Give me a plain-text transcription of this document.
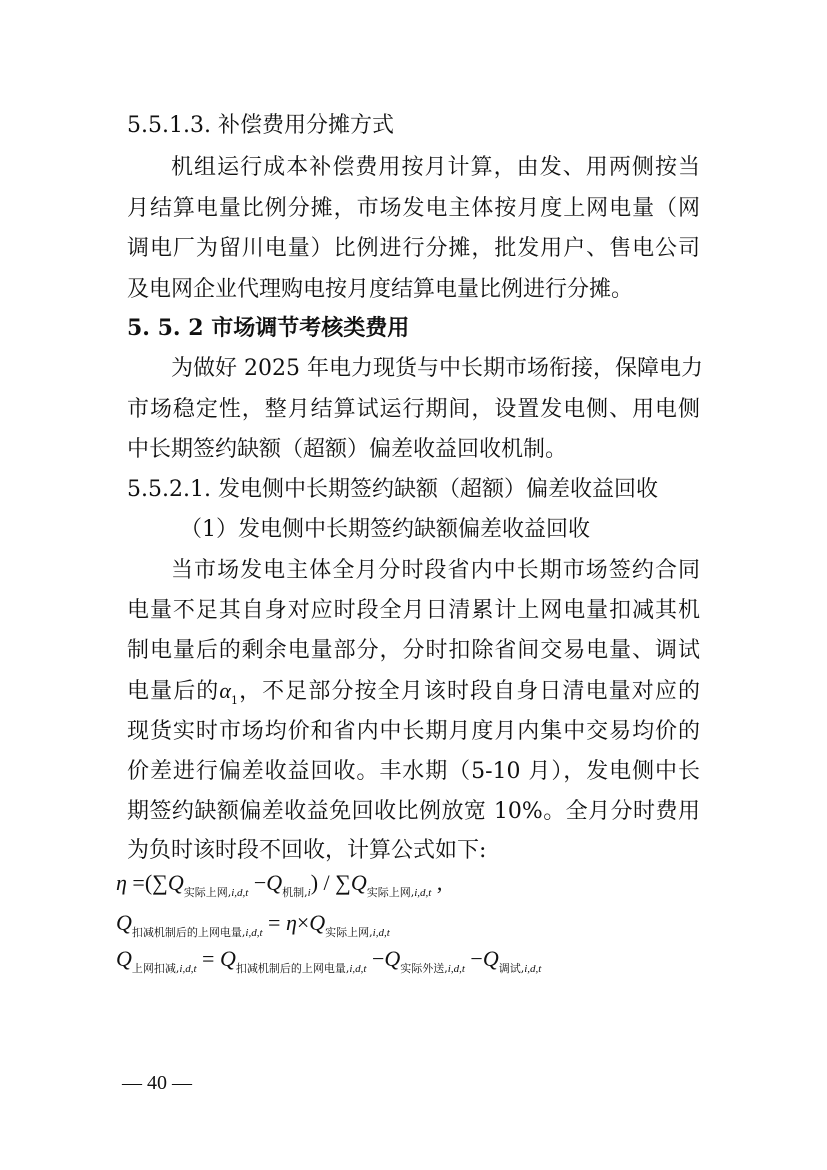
5.5.1.3. 补偿费用分摊方式
机组运行成本补偿费用按月计算，由发、用两侧按当
月结算电量比例分摊，市场发电主体按月度上网电量（网
调电厂为留川电量）比例进行分摊，批发用户、售电公司
及电网企业代理购电按月度结算电量比例进行分摊。
5. 5. 2 市场调节考核类费用
为做好 2025 年电力现货与中长期市场衔接，保障电力
市场稳定性，整月结算试运行期间，设置发电侧、用电侧
中长期签约缺额（超额）偏差收益回收机制。
5.5.2.1. 发电侧中长期签约缺额（超额）偏差收益回收
（1）发电侧中长期签约缺额偏差收益回收
当市场发电主体全月分时段省内中长期市场签约合同
电量不足其自身对应时段全月日清累计上网电量扣减其机
制电量后的剩余电量部分，分时扣除省间交易电量、调试
电量后的$\alpha_1$，不足部分按全月该时段自身日清电量对应的
现货实时市场均价和省内中长期月度月内集中交易均价的
价差进行偏差收益回收。丰水期（5-10 月），发电侧中长
期签约缺额偏差收益免回收比例放宽 10%。全月分时费用
为负时该时段不回收，计算公式如下:
$\eta =(\sum Q_{实际上网,i,d,t} -Q_{机制,i}) / \sum Q_{实际上网,i,d,t}$ ,
$Q_{扣减机制后的上网电量,i,d,t} = \eta\times Q_{实际上网,i,d,t}$
$Q_{上网扣减,i,d,t} = Q_{扣减机制后的上网电量,i,d,t} -Q_{实际外送,i,d,t} -Q_{调试,i,d,t}$
— 40 —
